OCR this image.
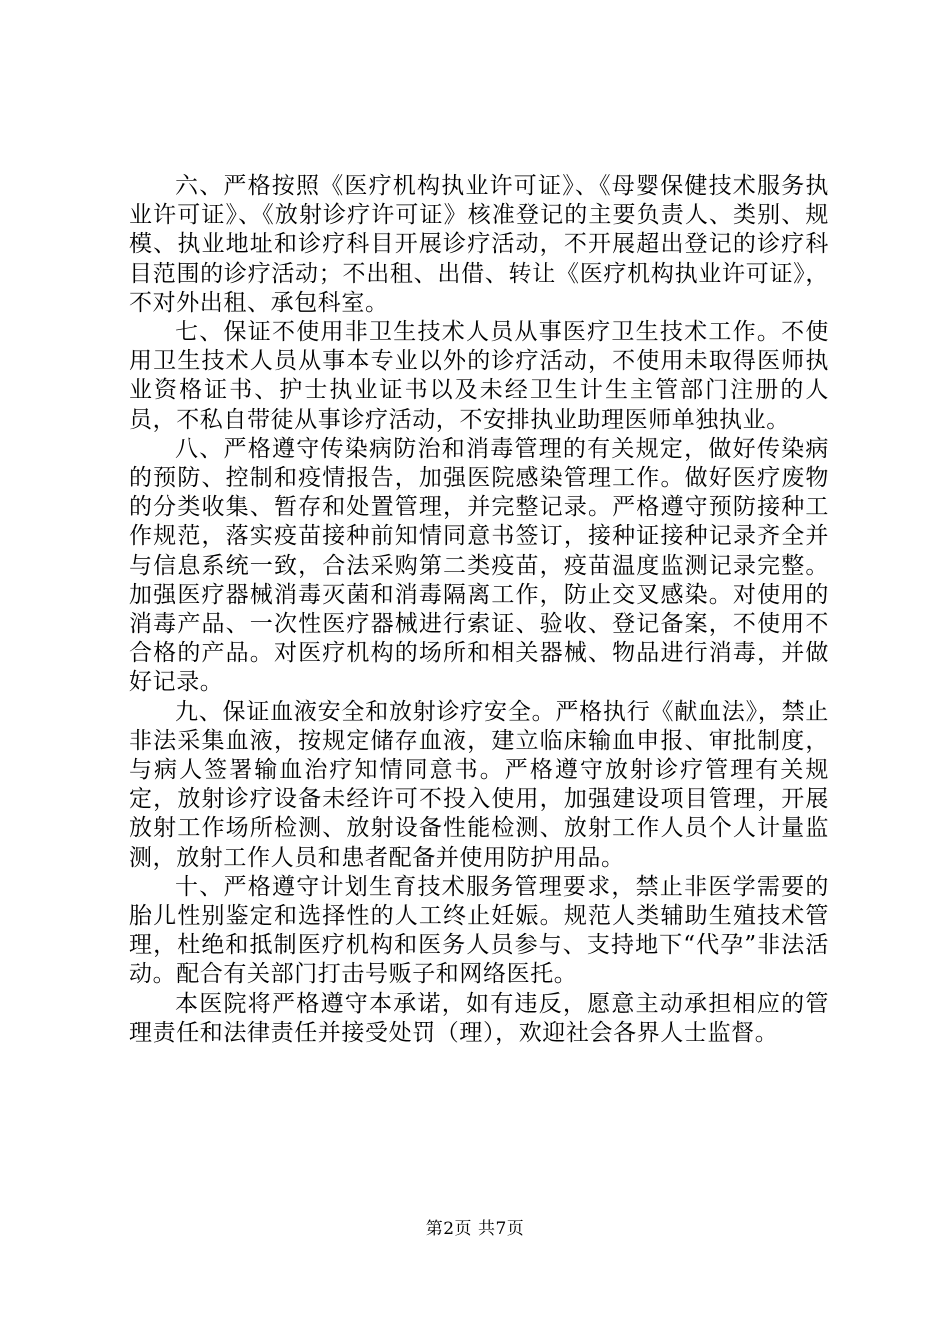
六、严格按照《医疗机构执业许可证》、《母婴保健技术服务执业许可证》、《放射诊疗许可证》核准登记的主要负责人、类别、规模、执业地址和诊疗科目开展诊疗活动，不开展超出登记的诊疗科目范围的诊疗活动；不出租、出借、转让《医疗机构执业许可证》，不对外出租、承包科室。

七、保证不使用非卫生技术人员从事医疗卫生技术工作。不使用卫生技术人员从事本专业以外的诊疗活动，不使用未取得医师执业资格证书、护士执业证书以及未经卫生计生主管部门注册的人员，不私自带徒从事诊疗活动，不安排执业助理医师单独执业。

八、严格遵守传染病防治和消毒管理的有关规定，做好传染病的预防、控制和疫情报告，加强医院感染管理工作。做好医疗废物的分类收集、暂存和处置管理，并完整记录。严格遵守预防接种工作规范，落实疫苗接种前知情同意书签订，接种证接种记录齐全并与信息系统一致，合法采购第二类疫苗，疫苗温度监测记录完整。加强医疗器械消毒灭菌和消毒隔离工作，防止交叉感染。对使用的消毒产品、一次性医疗器械进行索证、验收、登记备案，不使用不合格的产品。对医疗机构的场所和相关器械、物品进行消毒，并做好记录。

九、保证血液安全和放射诊疗安全。严格执行《献血法》，禁止非法采集血液，按规定储存血液，建立临床输血申报、审批制度，与病人签署输血治疗知情同意书。严格遵守放射诊疗管理有关规定，放射诊疗设备未经许可不投入使用，加强建设项目管理，开展放射工作场所检测、放射设备性能检测、放射工作人员个人计量监测，放射工作人员和患者配备并使用防护用品。

十、严格遵守计划生育技术服务管理要求，禁止非医学需要的胎儿性别鉴定和选择性的人工终止妊娠。规范人类辅助生殖技术管理，杜绝和抵制医疗机构和医务人员参与、支持地下“代孕”非法活动。配合有关部门打击号贩子和网络医托。

本医院将严格遵守本承诺，如有违反，愿意主动承担相应的管理责任和法律责任并接受处罚（理），欢迎社会各界人士监督。

第2页 共7页
